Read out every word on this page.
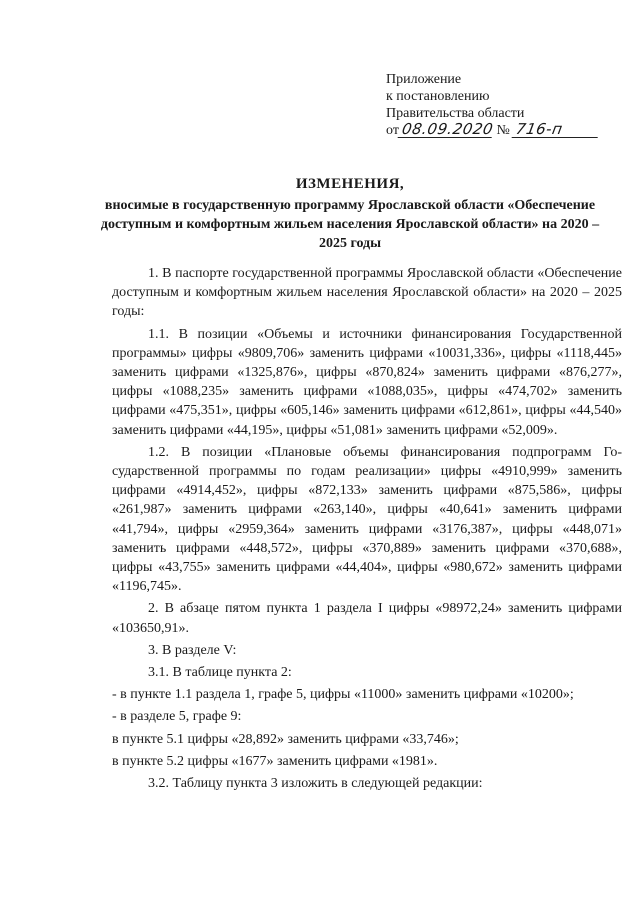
Приложение
к постановлению
Правительства области
от 08.09.2020 № 716-п
ИЗМЕНЕНИЯ,
вносимые в государственную программу Ярославской области «Обеспечение доступным и комфортным жильем населения Ярославской области» на 2020 – 2025 годы

1. В паспорте государственной программы Ярославской области «Обеспечение доступным и комфортным жильем населения Ярославской области» на 2020 – 2025 годы:

1.1. В позиции «Объемы и источники финансирования Государственной программы» цифры «9809,706» заменить цифрами «10031,336», цифры «1118,445» заменить цифрами «1325,876», цифры «870,824» заменить цифрами «876,277», цифры «1088,235» заменить цифрами «1088,035», цифры «474,702» заменить цифрами «475,351», цифры «605,146» заменить цифрами «612,861», цифры «44,540» заменить цифрами «44,195», цифры «51,081» заменить цифрами «52,009».

1.2. В позиции «Плановые объемы финансирования подпрограмм Государственной программы по годам реализации» цифры «4910,999» заменить цифрами «4914,452», цифры «872,133» заменить цифрами «875,586», цифры «261,987» заменить цифрами «263,140», цифры «40,641» заменить цифрами «41,794», цифры «2959,364» заменить цифрами «3176,387», цифры «448,071» заменить цифрами «448,572», цифры «370,889» заменить цифрами «370,688», цифры «43,755» заменить цифрами «44,404», цифры «980,672» заменить цифрами «1196,745».

2. В абзаце пятом пункта 1 раздела I цифры «98972,24» заменить цифрами «103650,91».

3. В разделе V:

3.1. В таблице пункта 2:

- в пункте 1.1 раздела 1, графе 5, цифры «11000» заменить цифрами «10200»;

- в разделе 5, графе 9:

в пункте 5.1 цифры «28,892» заменить цифрами «33,746»;

в пункте 5.2 цифры «1677» заменить цифрами «1981».

3.2. Таблицу пункта 3 изложить в следующей редакции:
